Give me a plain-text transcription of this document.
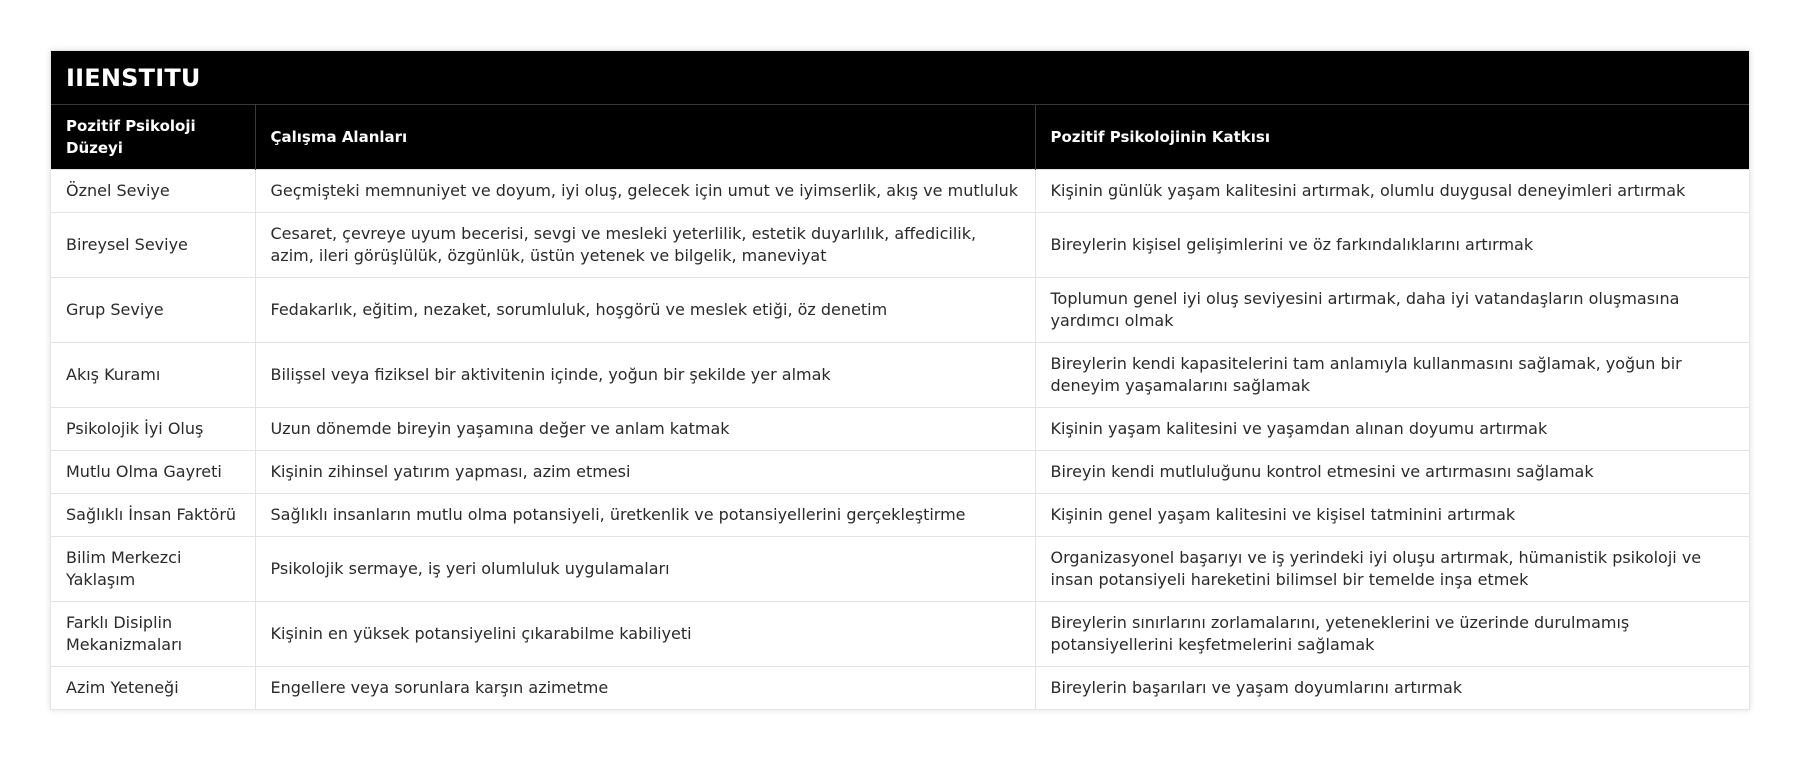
IIENSTITU
Pozitif Psikoloji Düzeyi	Çalışma Alanları	Pozitif Psikolojinin Katkısı
Öznel Seviye	Geçmişteki memnuniyet ve doyum, iyi oluş, gelecek için umut ve iyimserlik, akış ve mutluluk	Kişinin günlük yaşam kalitesini artırmak, olumlu duygusal deneyimleri artırmak
Bireysel Seviye	Cesaret, çevreye uyum becerisi, sevgi ve mesleki yeterlilik, estetik duyarlılık, affedicilik, azim, ileri görüşlülük, özgünlük, üstün yetenek ve bilgelik, maneviyat	Bireylerin kişisel gelişimlerini ve öz farkındalıklarını artırmak
Grup Seviye	Fedakarlık, eğitim, nezaket, sorumluluk, hoşgörü ve meslek etiği, öz denetim	Toplumun genel iyi oluş seviyesini artırmak, daha iyi vatandaşların oluşmasına yardımcı olmak
Akış Kuramı	Bilişsel veya fiziksel bir aktivitenin içinde, yoğun bir şekilde yer almak	Bireylerin kendi kapasitelerini tam anlamıyla kullanmasını sağlamak, yoğun bir deneyim yaşamalarını sağlamak
Psikolojik İyi Oluş	Uzun dönemde bireyin yaşamına değer ve anlam katmak	Kişinin yaşam kalitesini ve yaşamdan alınan doyumu artırmak
Mutlu Olma Gayreti	Kişinin zihinsel yatırım yapması, azim etmesi	Bireyin kendi mutluluğunu kontrol etmesini ve artırmasını sağlamak
Sağlıklı İnsan Faktörü	Sağlıklı insanların mutlu olma potansiyeli, üretkenlik ve potansiyellerini gerçekleştirme	Kişinin genel yaşam kalitesini ve kişisel tatminini artırmak
Bilim Merkezci Yaklaşım	Psikolojik sermaye, iş yeri olumluluk uygulamaları	Organizasyonel başarıyı ve iş yerindeki iyi oluşu artırmak, hümanistik psikoloji ve insan potansiyeli hareketini bilimsel bir temelde inşa etmek
Farklı Disiplin Mekanizmaları	Kişinin en yüksek potansiyelini çıkarabilme kabiliyeti	Bireylerin sınırlarını zorlamalarını, yeteneklerini ve üzerinde durulmamış potansiyellerini keşfetmelerini sağlamak
Azim Yeteneği	Engellere veya sorunlara karşın azimetme	Bireylerin başarıları ve yaşam doyumlarını artırmak
